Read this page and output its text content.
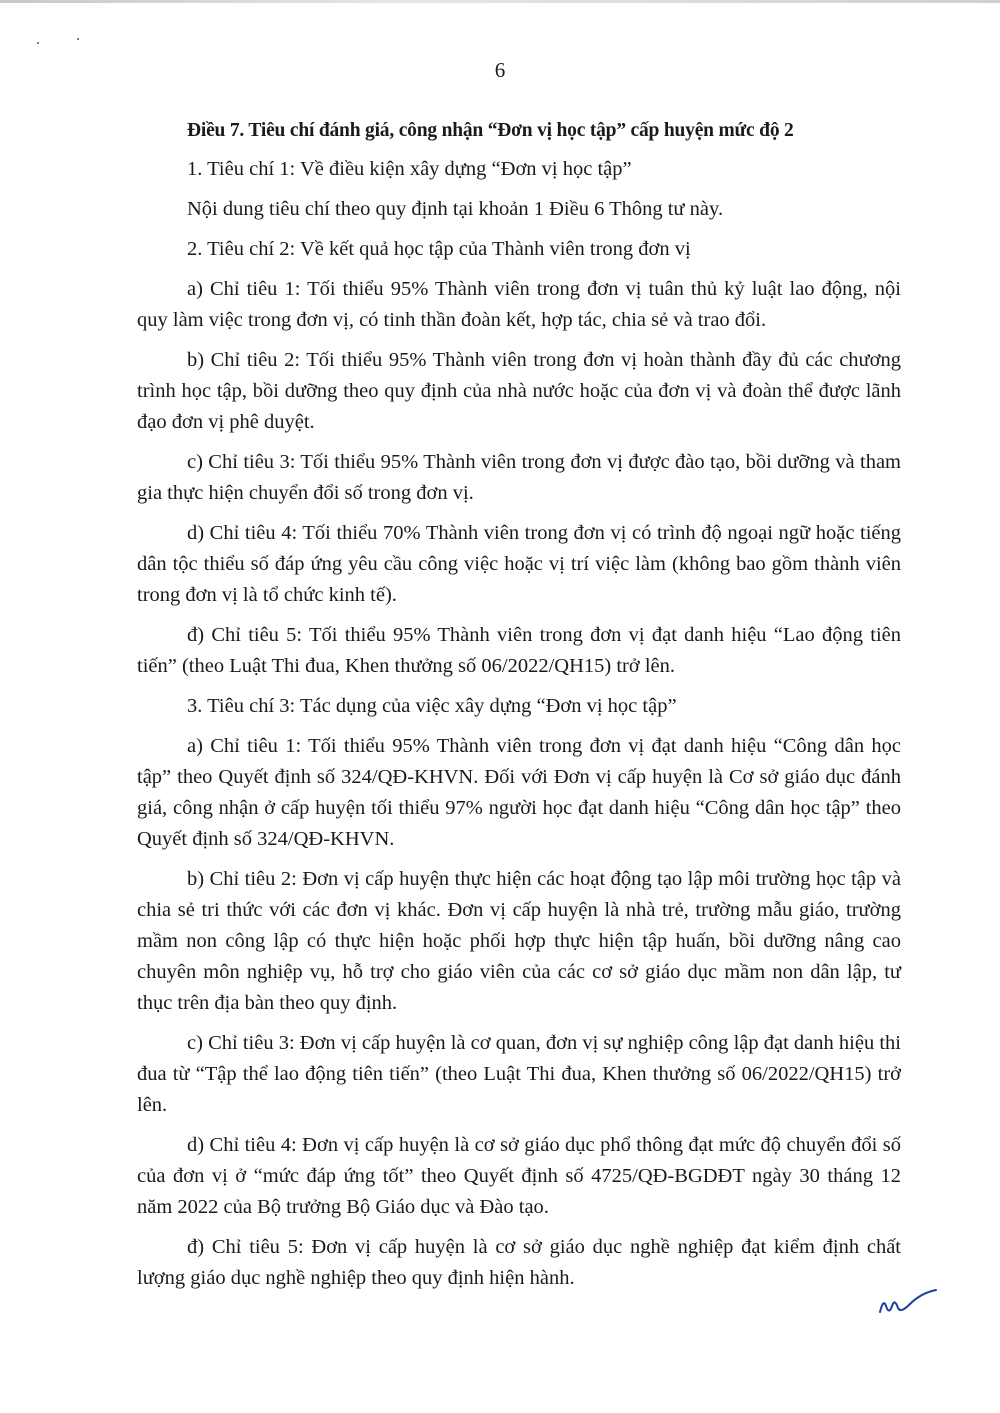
6

Điều 7. Tiêu chí đánh giá, công nhận “Đơn vị học tập” cấp huyện mức độ 2

1. Tiêu chí 1: Về điều kiện xây dựng “Đơn vị học tập”

Nội dung tiêu chí theo quy định tại khoản 1 Điều 6 Thông tư này.

2. Tiêu chí 2: Về kết quả học tập của Thành viên trong đơn vị

a) Chỉ tiêu 1: Tối thiểu 95% Thành viên trong đơn vị tuân thủ kỷ luật lao động, nội quy làm việc trong đơn vị, có tinh thần đoàn kết, hợp tác, chia sẻ và trao đổi.

b) Chỉ tiêu 2: Tối thiểu 95% Thành viên trong đơn vị hoàn thành đầy đủ các chương trình học tập, bồi dưỡng theo quy định của nhà nước hoặc của đơn vị và đoàn thể được lãnh đạo đơn vị phê duyệt.

c) Chỉ tiêu 3: Tối thiểu 95% Thành viên trong đơn vị được đào tạo, bồi dưỡng và tham gia thực hiện chuyển đổi số trong đơn vị.

d) Chỉ tiêu 4: Tối thiểu 70% Thành viên trong đơn vị có trình độ ngoại ngữ hoặc tiếng dân tộc thiểu số đáp ứng yêu cầu công việc hoặc vị trí việc làm (không bao gồm thành viên trong đơn vị là tổ chức kinh tế).

đ) Chỉ tiêu 5: Tối thiểu 95% Thành viên trong đơn vị đạt danh hiệu “Lao động tiên tiến” (theo Luật Thi đua, Khen thưởng số 06/2022/QH15) trở lên.

3. Tiêu chí 3: Tác dụng của việc xây dựng “Đơn vị học tập”

a) Chỉ tiêu 1: Tối thiểu 95% Thành viên trong đơn vị đạt danh hiệu “Công dân học tập” theo Quyết định số 324/QĐ-KHVN. Đối với Đơn vị cấp huyện là Cơ sở giáo dục đánh giá, công nhận ở cấp huyện tối thiểu 97% người học đạt danh hiệu “Công dân học tập” theo Quyết định số 324/QĐ-KHVN.

b) Chỉ tiêu 2: Đơn vị cấp huyện thực hiện các hoạt động tạo lập môi trường học tập và chia sẻ tri thức với các đơn vị khác. Đơn vị cấp huyện là nhà trẻ, trường mẫu giáo, trường mầm non công lập có thực hiện hoặc phối hợp thực hiện tập huấn, bồi dưỡng nâng cao chuyên môn nghiệp vụ, hỗ trợ cho giáo viên của các cơ sở giáo dục mầm non dân lập, tư thục trên địa bàn theo quy định.

c) Chỉ tiêu 3: Đơn vị cấp huyện là cơ quan, đơn vị sự nghiệp công lập đạt danh hiệu thi đua từ “Tập thể lao động tiên tiến” (theo Luật Thi đua, Khen thưởng số 06/2022/QH15) trở lên.

d) Chỉ tiêu 4: Đơn vị cấp huyện là cơ sở giáo dục phổ thông đạt mức độ chuyển đổi số của đơn vị ở “mức đáp ứng tốt” theo Quyết định số 4725/QĐ-BGDĐT ngày 30 tháng 12 năm 2022 của Bộ trưởng Bộ Giáo dục và Đào tạo.

đ) Chỉ tiêu 5: Đơn vị cấp huyện là cơ sở giáo dục nghề nghiệp đạt kiểm định chất lượng giáo dục nghề nghiệp theo quy định hiện hành.
